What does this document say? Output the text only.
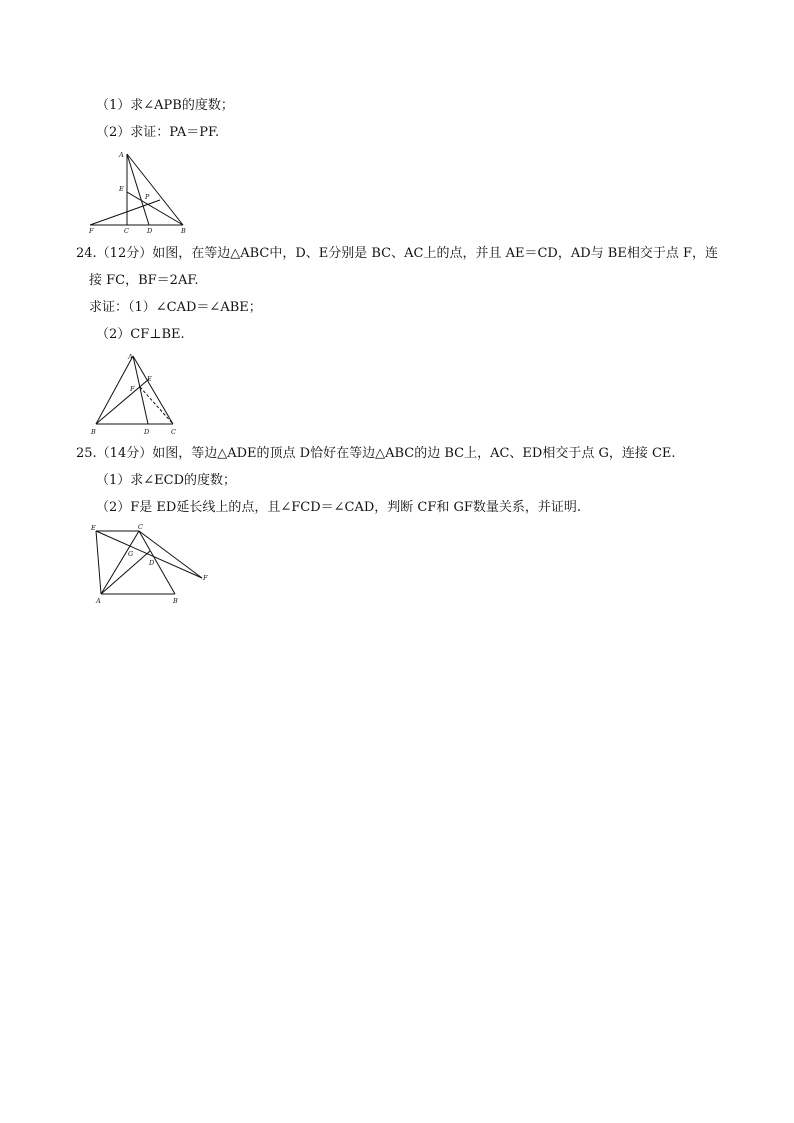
（1）求∠APB的度数；
（2）求证：PA＝PF.
A
E
P
F	C	D	B
24.（12分）如图，在等边△ABC中，D、E分别是 BC、AC上的点，并且 AE＝CD，AD与 BE相交于点 F，连
接 FC，BF＝2AF.
求证：（1）∠CAD＝∠ABE；
（2）CF⊥BE.
A
E
F
B	D	C
25.（14分）如图，等边△ADE的顶点 D恰好在等边△ABC的边 BC上，AC、ED相交于点 G，连接 CE.
（1）求∠ECD的度数；
（2）F是 ED延长线上的点，且∠FCD＝∠CAD，判断 CF和 GF数量关系，并证明.
E	C
G
D
F
A	B
